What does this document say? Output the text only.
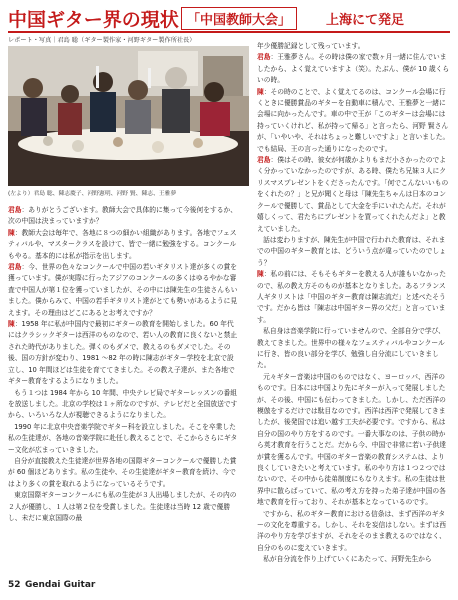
中国ギター界の現状 「中国教師大会」	上海にて発足
レポート・写真｜君島 聡（ギター製作家・河野ギター製作所社長）
(左より）君島 聡、陳志慶子、河野憲明、河野 賢、陳志、王雅夢

君島：ありがとうございます。教師大会で具体的に集って今後何をするか、次の中国は決まっていますか？

陳：教師大会は毎年で、各地に８つの細かい組織があります。各地でフェスティバルや、マスタークラスを設けて、皆で一緒に勉強をする。コンクールもやる。基本的には私が指示を出します。

君島：今、世界の色々なコンクールで中国の若いギタリスト達が多くの賞を獲っています。僕が実際に行ったアジアのコンクールの多くはゆるやかな審査で中国人が第１位を獲っていましたが、その中には陳先生の生徒さんもいました。僕からみて、中国の若手ギタリスト達がとても勢いがあるように見えます。その理由はどこにあるとお考えですか？

陳：1958 年に私が中国内で最初にギターの教育を開始しました。60 年代にはクラシックギターは西洋のものなので、若い人の教育に良くないと禁止された時代がありました。弾くのもダメで、教えるのもダメでした。その後、国の方針が変わり、1981 ～82 年の時に陳志がギター学校を北京で設立し、10 年間ほどは生徒を育ててきました。その教え子達が、また各地でギター教育をするようになりました。

もう１つは 1984 年から 10 年間、中央テレビ局でギターレッスンの番組を放送しました。北京の学校は１ヶ所なのですが、テレビだと全国放送ですから、いろいろな人が視聴できるようになりました。

1990 年に北京中央音楽学院でギター科を設立しました。そこを卒業した私の生徒達が、各地の音楽学院に赴任し教えることで、そこからさらにギター文化が広まっていきました。

自分が直接教えた生徒達が世界各地の国際ギターコンクールで優勝した賞が 60 個ほどあります。私の生徒や、その生徒達がギター教育を続け、今ではより多くの賞を取れるようになっているそうです。

東京国際ギターコンクールにも私の生徒が３人出場しましたが、その内の２人が優勝し、１人は第２位を受賞しました。生徒達は当時 12 歳で優勝し、未だに東京国際の最

年少優勝記録として残っています。

君島：王雅夢さん。その時は僕の家で数ヶ月一緒に住んでいましたから、よく覚えていますよ（笑）。たぶん、僕が 10 歳くらいの時。

陳：その時のことで、よく覚えてるのは、コンクール会場に行くときに優勝賞品のギターを自動車に積んで、王雅夢と一緒に会場に向かったんです。車の中で王が「このギターは会場には持っていくけれど、私が持って帰る」と言ったら、河野 賢さんが、「いやいや、それはちょっと難しいですよ」と言いました。でも結局、王の言った通りになったのです。

君島：僕はその時、彼女が何歳かよりもまだ小さかったのでよく分かっていなかったのですが、ある時、僕たち兄妹３人にクリスマスプレゼントをくださったんです。「何でこんないいものをくれたの？」と兄が聞くと母は「陳先生ちゃんは日本のコンクールで優勝して、賞品として大金を手にいれたんだ。それが嬉しくって、君たちにプレゼントを買ってくれたんだよ」と教えていました。

話は変わりますが、陳先生が中国で行われた教育は、それまでの中国のギター教育とは、どういう点が違っていたのでしょう？

陳：私の前には、そもそもギターを教える人が誰もいなかったので、私の教え方そのものが基本となりました。あるフランス人ギタリストは「中国のギター教育は陳志流だ」と述べたそうです。だから皆は「陳志は中国ギター界の父だ」と言っています。

私自身は音楽学院に行っていませんので、全部自分で学び、教えてきました。世界中の様々なフェスティバルやコンクールに行き、皆の良い部分を学び、勉強し自分流にしていきました。

元々ギター音楽は中国のものではなく、ヨーロッパ、西洋のものです。日本には中国より先にギターが入って発展しましたが、その後、中国にも伝わってきました。しかし、ただ西洋の模倣をするだけでは駄目なのです。西洋は西洋で発展してきましたが、後発国では追い越す工夫が必要です。ですから、私は自分の国のやり方をするのです。一番大事なのは、子供の時から英才教育を行うことだ。だから今、中国で非常に若い子供達が賞を獲るんです。中国のギター音楽の教育システムは、より良くしていきたいと考えています。私のやり方は１つ２つではないので、その中から徒弟制度にもなりえます。私の生徒は世界中に散らばっていて、私の考え方を持った弟子達が中国の各地で教育を行っており、それが基本となっているのです。

ですから、私のギター教育における信条は、まず西洋のギターの文化を尊重する。しかし、それを妄信はしない。まずは西洋のやり方を学びますが、それをそのまま教えるのではなく、自分のものに変えていきます。

私が自分流を作り上げていくにあたって、河野先生から

52 Gendai Guitar
